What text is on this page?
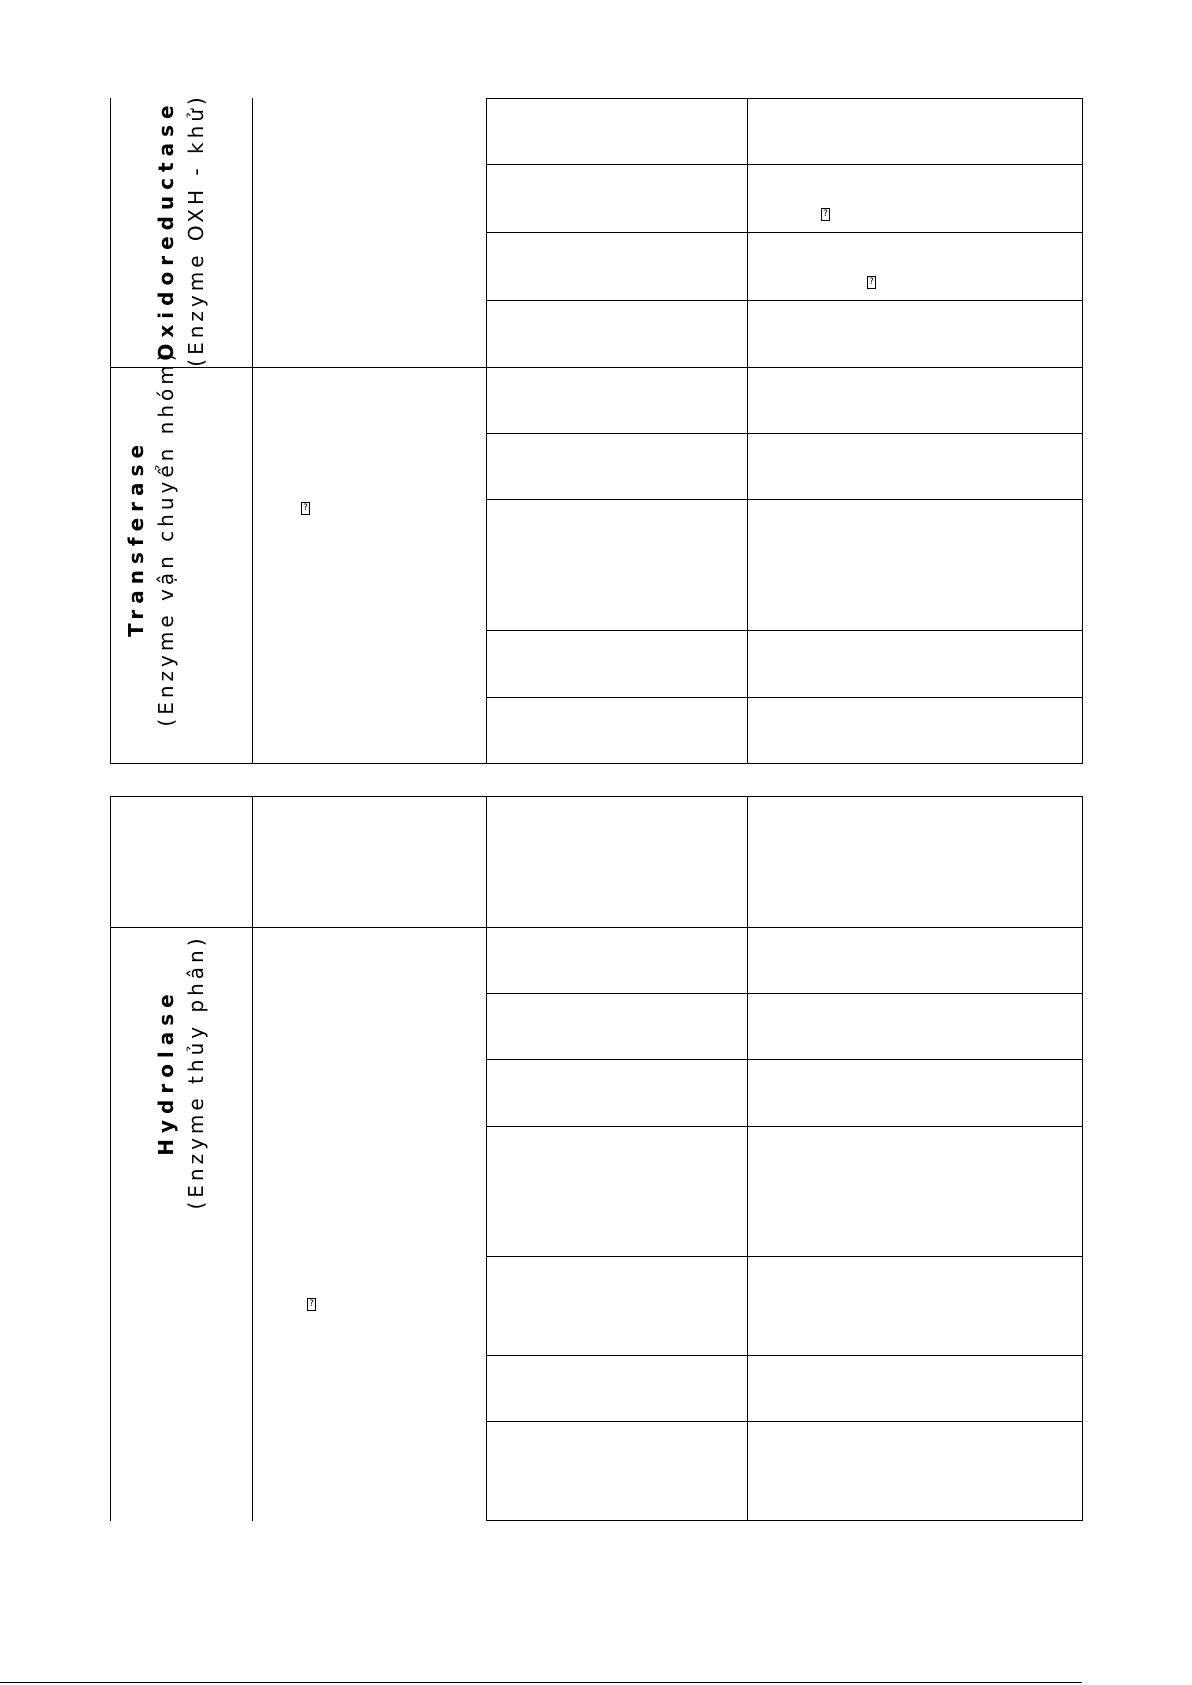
Oxidoreductase (Enzyme OXH - khử)
Transferase (Enzyme vận chuyển nhóm)
?
?
?
Hydrolase (Enzyme thủy phân)
?
